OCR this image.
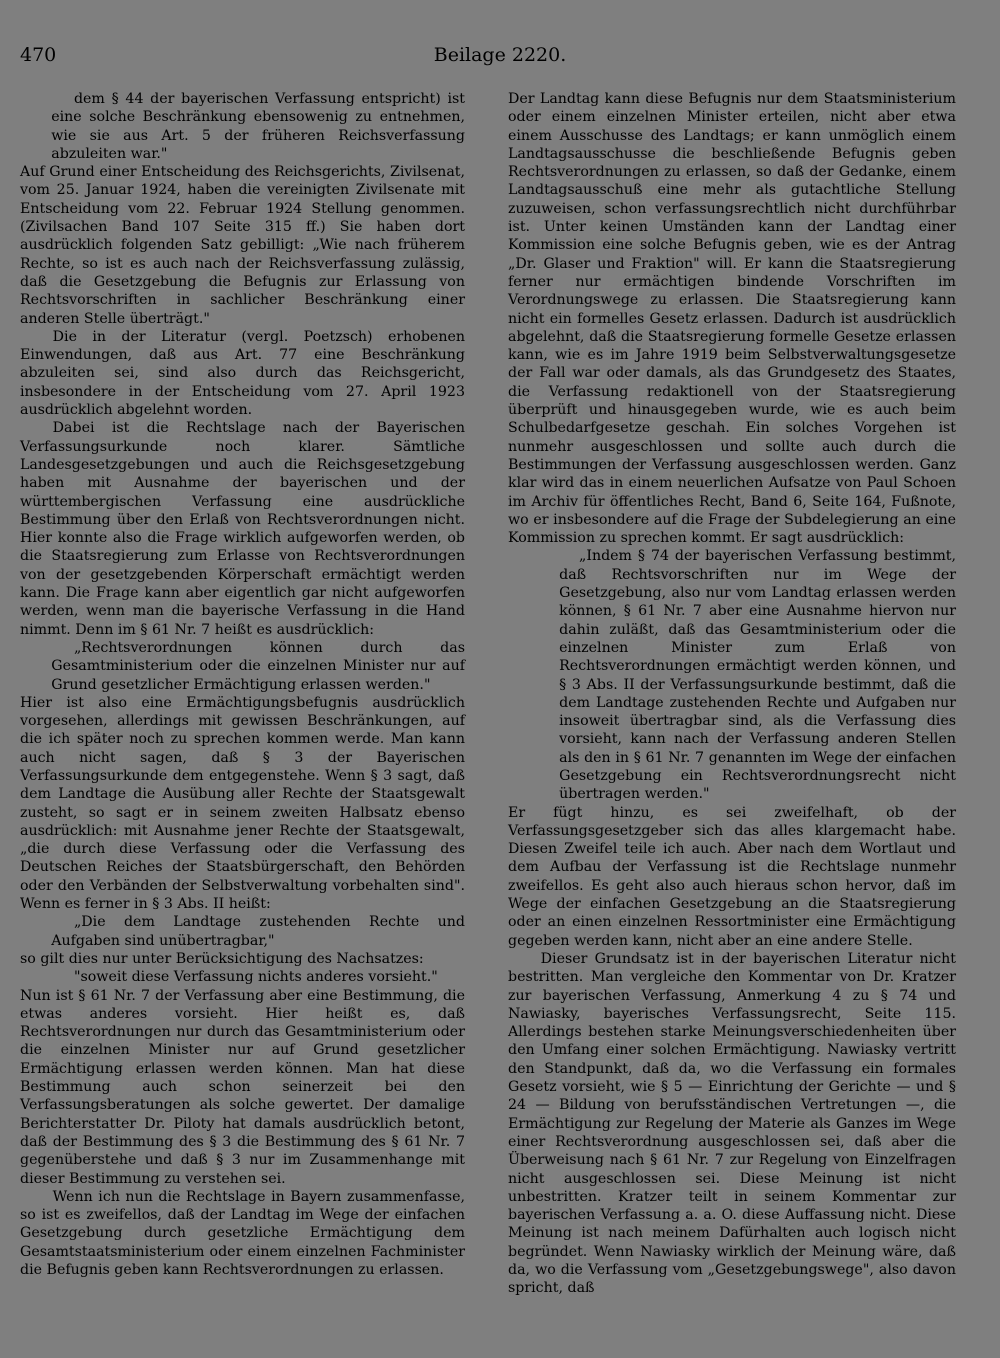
470	Beilage 2220.

dem § 44 der bayerischen Verfassung entspricht) ist eine solche Beschränkung ebensowenig zu entnehmen, wie sie aus Art. 5 der früheren Reichsverfassung abzuleiten war."

Auf Grund einer Entscheidung des Reichsgerichts, Zivilsenat, vom 25. Januar 1924, haben die vereinigten Zivilsenate mit Entscheidung vom 22. Februar 1924 Stellung genommen. (Zivilsachen Band 107 Seite 315 ff.) Sie haben dort ausdrücklich folgenden Satz gebilligt: „Wie nach früherem Rechte, so ist es auch nach der Reichsverfassung zulässig, daß die Gesetzgebung die Befugnis zur Erlassung von Rechtsvorschriften in sachlicher Beschränkung einer anderen Stelle überträgt."

Die in der Literatur (vergl. Poetzsch) erhobenen Einwendungen, daß aus Art. 77 eine Beschränkung abzuleiten sei, sind also durch das Reichsgericht, insbesondere in der Entscheidung vom 27. April 1923 ausdrücklich abgelehnt worden.

Dabei ist die Rechtslage nach der Bayerischen Verfassungsurkunde noch klarer. Sämtliche Landesgesetzgebungen und auch die Reichsgesetzgebung haben mit Ausnahme der bayerischen und der württembergischen Verfassung eine ausdrückliche Bestimmung über den Erlaß von Rechtsverordnungen nicht. Hier konnte also die Frage wirklich aufgeworfen werden, ob die Staatsregierung zum Erlasse von Rechtsverordnungen von der gesetzgebenden Körperschaft ermächtigt werden kann. Die Frage kann aber eigentlich gar nicht aufgeworfen werden, wenn man die bayerische Verfassung in die Hand nimmt. Denn im § 61 Nr. 7 heißt es ausdrücklich:

„Rechtsverordnungen können durch das Gesamtministerium oder die einzelnen Minister nur auf Grund gesetzlicher Ermächtigung erlassen werden."

Hier ist also eine Ermächtigungsbefugnis ausdrücklich vorgesehen, allerdings mit gewissen Beschränkungen, auf die ich später noch zu sprechen kommen werde. Man kann auch nicht sagen, daß § 3 der Bayerischen Verfassungsurkunde dem entgegenstehe. Wenn § 3 sagt, daß dem Landtage die Ausübung aller Rechte der Staatsgewalt zusteht, so sagt er in seinem zweiten Halbsatz ebenso ausdrücklich: mit Ausnahme jener Rechte der Staatsgewalt, „die durch diese Verfassung oder die Verfassung des Deutschen Reiches der Staatsbürgerschaft, den Behörden oder den Verbänden der Selbstverwaltung vorbehalten sind". Wenn es ferner in § 3 Abs. II heißt:

„Die dem Landtage zustehenden Rechte und Aufgaben sind unübertragbar,"

so gilt dies nur unter Berücksichtigung des Nachsatzes:

"soweit diese Verfassung nichts anderes vorsieht."

Nun ist § 61 Nr. 7 der Verfassung aber eine Bestimmung, die etwas anderes vorsieht. Hier heißt es, daß Rechtsverordnungen nur durch das Gesamtministerium oder die einzelnen Minister nur auf Grund gesetzlicher Ermächtigung erlassen werden können. Man hat diese Bestimmung auch schon seinerzeit bei den Verfassungsberatungen als solche gewertet. Der damalige Berichterstatter Dr. Piloty hat damals ausdrücklich betont, daß der Bestimmung des § 3 die Bestimmung des § 61 Nr. 7 gegenüberstehe und daß § 3 nur im Zusammenhange mit dieser Bestimmung zu verstehen sei.

Wenn ich nun die Rechtslage in Bayern zusammenfasse, so ist es zweifellos, daß der Landtag im Wege der einfachen Gesetzgebung durch gesetzliche Ermächtigung dem Gesamtstaatsministerium oder einem einzelnen Fachminister die Befugnis geben kann Rechtsverordnungen zu erlassen.

Der Landtag kann diese Befugnis nur dem Staatsministerium oder einem einzelnen Minister erteilen, nicht aber etwa einem Ausschusse des Landtags; er kann unmöglich einem Landtagsausschusse die beschließende Befugnis geben Rechtsverordnungen zu erlassen, so daß der Gedanke, einem Landtagsausschuß eine mehr als gutachtliche Stellung zuzuweisen, schon verfassungsrechtlich nicht durchführbar ist. Unter keinen Umständen kann der Landtag einer Kommission eine solche Befugnis geben, wie es der Antrag „Dr. Glaser und Fraktion" will. Er kann die Staatsregierung ferner nur ermächtigen bindende Vorschriften im Verordnungswege zu erlassen. Die Staatsregierung kann nicht ein formelles Gesetz erlassen. Dadurch ist ausdrücklich abgelehnt, daß die Staatsregierung formelle Gesetze erlassen kann, wie es im Jahre 1919 beim Selbstverwaltungsgesetze der Fall war oder damals, als das Grundgesetz des Staates, die Verfassung redaktionell von der Staatsregierung überprüft und hinausgegeben wurde, wie es auch beim Schulbedarfgesetze geschah. Ein solches Vorgehen ist nunmehr ausgeschlossen und sollte auch durch die Bestimmungen der Verfassung ausgeschlossen werden. Ganz klar wird das in einem neuerlichen Aufsatze von Paul Schoen im Archiv für öffentliches Recht, Band 6, Seite 164, Fußnote, wo er insbesondere auf die Frage der Subdelegierung an eine Kommission zu sprechen kommt. Er sagt ausdrücklich:

„Indem § 74 der bayerischen Verfassung bestimmt, daß Rechtsvorschriften nur im Wege der Gesetzgebung, also nur vom Landtag erlassen werden können, § 61 Nr. 7 aber eine Ausnahme hiervon nur dahin zuläßt, daß das Gesamtministerium oder die einzelnen Minister zum Erlaß von Rechtsverordnungen ermächtigt werden können, und § 3 Abs. II der Verfassungsurkunde bestimmt, daß die dem Landtage zustehenden Rechte und Aufgaben nur insoweit übertragbar sind, als die Verfassung dies vorsieht, kann nach der Verfassung anderen Stellen als den in § 61 Nr. 7 genannten im Wege der einfachen Gesetzgebung ein Rechtsverordnungsrecht nicht übertragen werden."

Er fügt hinzu, es sei zweifelhaft, ob der Verfassungsgesetzgeber sich das alles klargemacht habe. Diesen Zweifel teile ich auch. Aber nach dem Wortlaut und dem Aufbau der Verfassung ist die Rechtslage nunmehr zweifellos. Es geht also auch hieraus schon hervor, daß im Wege der einfachen Gesetzgebung an die Staatsregierung oder an einen einzelnen Ressortminister eine Ermächtigung gegeben werden kann, nicht aber an eine andere Stelle.

Dieser Grundsatz ist in der bayerischen Literatur nicht bestritten. Man vergleiche den Kommentar von Dr. Kratzer zur bayerischen Verfassung, Anmerkung 4 zu § 74 und Nawiasky, bayerisches Verfassungsrecht, Seite 115. Allerdings bestehen starke Meinungsverschiedenheiten über den Umfang einer solchen Ermächtigung. Nawiasky vertritt den Standpunkt, daß da, wo die Verfassung ein formales Gesetz vorsieht, wie § 5 — Einrichtung der Gerichte — und § 24 — Bildung von berufsständischen Vertretungen —, die Ermächtigung zur Regelung der Materie als Ganzes im Wege einer Rechtsverordnung ausgeschlossen sei, daß aber die Überweisung nach § 61 Nr. 7 zur Regelung von Einzelfragen nicht ausgeschlossen sei. Diese Meinung ist nicht unbestritten. Kratzer teilt in seinem Kommentar zur bayerischen Verfassung a. a. O. diese Auffassung nicht. Diese Meinung ist nach meinem Dafürhalten auch logisch nicht begründet. Wenn Nawiasky wirklich der Meinung wäre, daß da, wo die Verfassung vom „Gesetzgebungswege", also davon spricht, daß
